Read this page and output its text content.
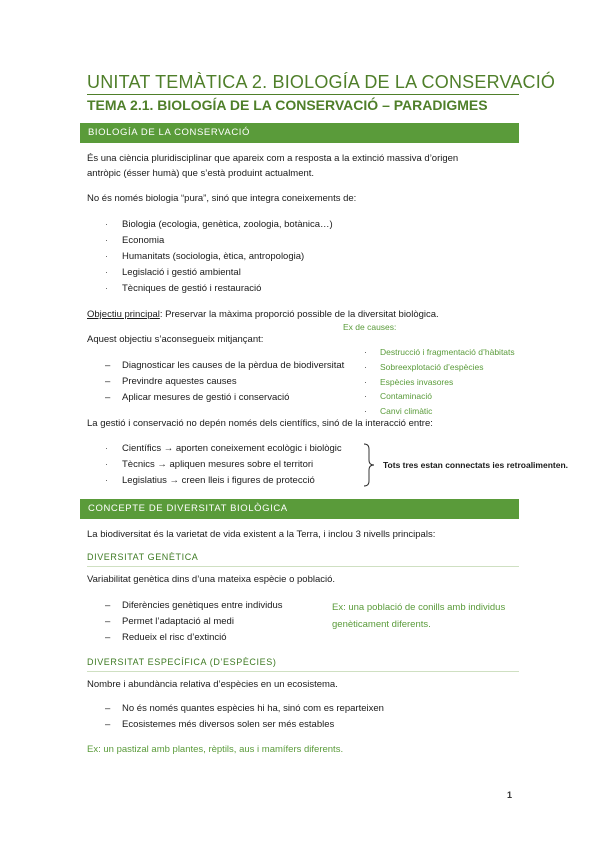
UNITAT TEMÀTICA 2. BIOLOGÍA DE LA CONSERVACIÓ
TEMA 2.1. BIOLOGÍA DE LA CONSERVACIÓ – PARADIGMES
BIOLOGÍA DE LA CONSERVACIÓ
És una ciència pluridisciplinar que apareix com a resposta a la extinció massiva d’origen
antròpic (ésser humà) que s’està produint actualment.
No és només biologia “pura”, sinó que integra coneixements de:
· Biologia (ecologia, genètica, zoologia, botànica…)
· Economia
· Humanitats (sociologia, ètica, antropologia)
· Legislació i gestió ambiental
· Tècniques de gestió i restauració
Objectiu principal: Preservar la màxima proporció possible de la diversitat biològica.
Ex de causes:
Aquest objectiu s’aconsegueix mitjançant:
– Diagnosticar les causes de la pèrdua de biodiversitat
– Previndre aquestes causes
– Aplicar mesures de gestió i conservació
· Destrucció i fragmentació d’hàbitats
· Sobreexplotació d’espècies
· Espècies invasores
· Contaminació
· Canvi climàtic
La gestió i conservació no depén només dels científics, sinó de la interacció entre:
· Científics → aporten coneixement ecològic i biològic
· Tècnics → apliquen mesures sobre el territori
· Legislatius → creen lleis i figures de protecció
Tots tres estan connectats ies retroalimenten.
CONCEPTE DE DIVERSITAT BIOLÒGICA
La biodiversitat és la varietat de vida existent a la Terra, i inclou 3 nivells principals:
DIVERSITAT GENÈTICA
Variabilitat genètica dins d’una mateixa espècie o població.
– Diferències genètiques entre individus
– Permet l’adaptació al medi
– Redueix el risc d’extinció
Ex: una població de conills amb individus
genèticament diferents.
DIVERSITAT ESPECÍFICA (D’ESPÈCIES)
Nombre i abundància relativa d’espècies en un ecosistema.
– No és només quantes espècies hi ha, sinó com es reparteixen
– Ecosistemes més diversos solen ser més estables
Ex: un pastizal amb plantes, rèptils, aus i mamífers diferents.
1
